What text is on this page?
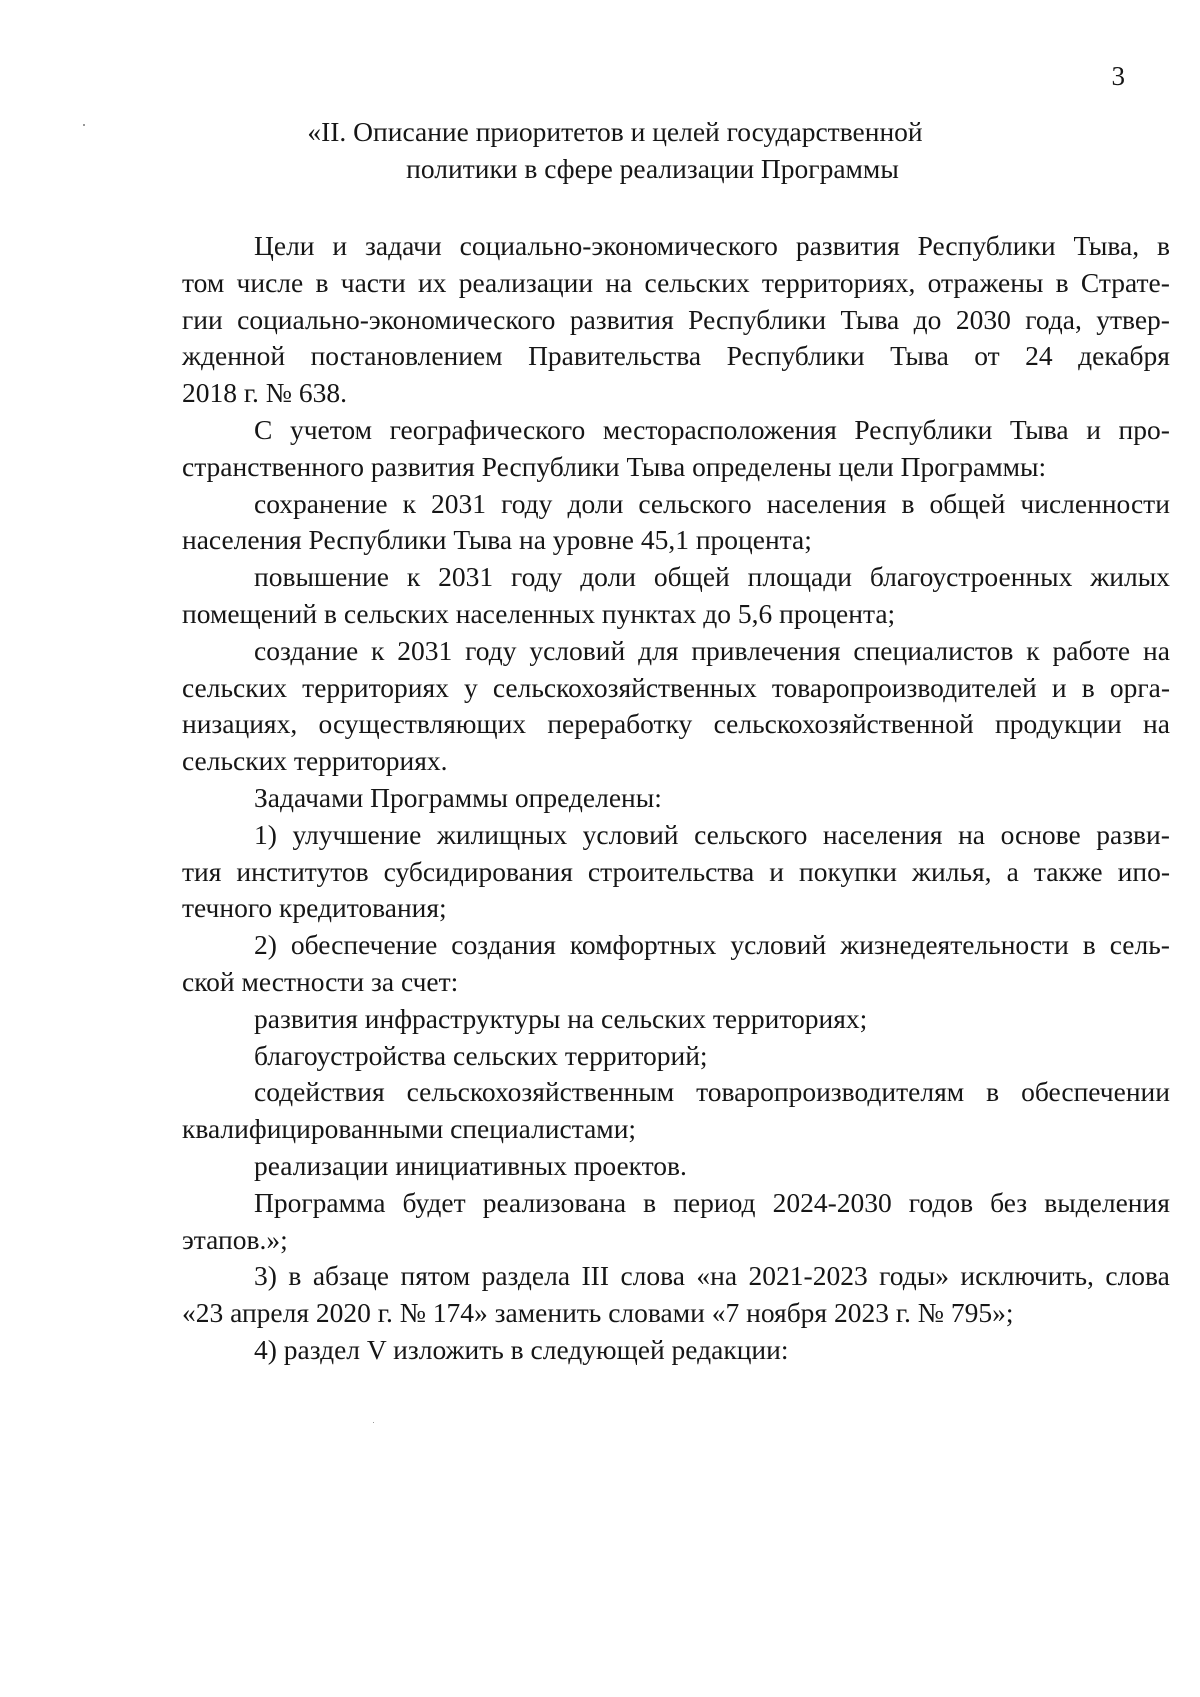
3
«II. Описание приоритетов и целей государственной
политики в сфере реализации Программы
Цели и задачи социально-экономического развития Республики Тыва, в
том числе в части их реализации на сельских территориях, отражены в Страте-
гии социально-экономического развития Республики Тыва до 2030 года, утвер-
жденной постановлением Правительства Республики Тыва от 24 декабря
2018 г. № 638.
С учетом географического месторасположения Республики Тыва и про-
странственного развития Республики Тыва определены цели Программы:
сохранение к 2031 году доли сельского населения в общей численности
населения Республики Тыва на уровне 45,1 процента;
повышение к 2031 году доли общей площади благоустроенных жилых
помещений в сельских населенных пунктах до 5,6 процента;
создание к 2031 году условий для привлечения специалистов к работе на
сельских территориях у сельскохозяйственных товаропроизводителей и в орга-
низациях, осуществляющих переработку сельскохозяйственной продукции на
сельских территориях.
Задачами Программы определены:
1) улучшение жилищных условий сельского населения на основе разви-
тия институтов субсидирования строительства и покупки жилья, а также ипо-
течного кредитования;
2) обеспечение создания комфортных условий жизнедеятельности в сель-
ской местности за счет:
развития инфраструктуры на сельских территориях;
благоустройства сельских территорий;
содействия сельскохозяйственным товаропроизводителям в обеспечении
квалифицированными специалистами;
реализации инициативных проектов.
Программа будет реализована в период 2024-2030 годов без выделения
этапов.»;
3) в абзаце пятом раздела III слова «на 2021-2023 годы» исключить, слова
«23 апреля 2020 г. № 174» заменить словами «7 ноября 2023 г. № 795»;
4) раздел V изложить в следующей редакции:
